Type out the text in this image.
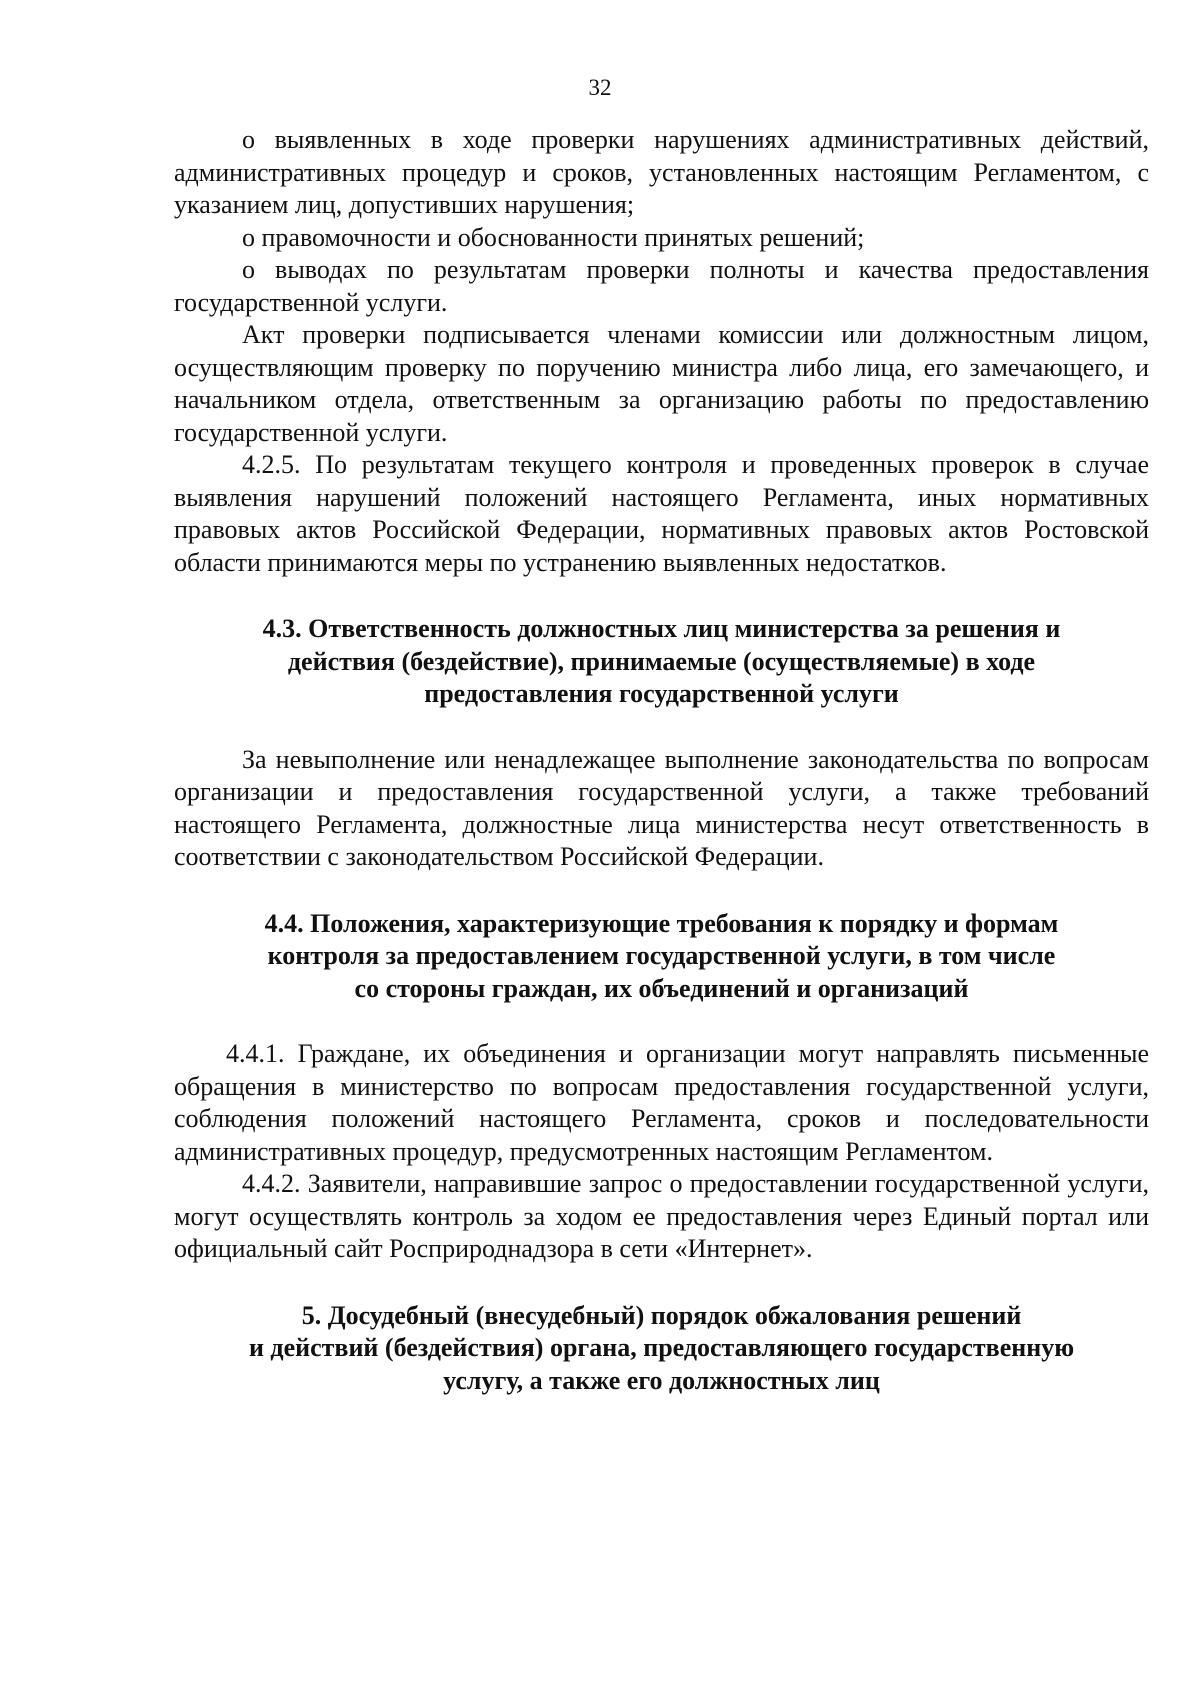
32

о выявленных в ходе проверки нарушениях административных действий, административных процедур и сроков, установленных настоящим Регламентом, с указанием лиц, допустивших нарушения;

о правомочности и обоснованности принятых решений;

о выводах по результатам проверки полноты и качества предоставления государственной услуги.

Акт проверки подписывается членами комиссии или должностным лицом, осуществляющим проверку по поручению министра либо лица, его замечающего, и начальником отдела, ответственным за организацию работы по предоставлению государственной услуги.

4.2.5. По результатам текущего контроля и проведенных проверок в случае выявления нарушений положений настоящего Регламента, иных нормативных правовых актов Российской Федерации, нормативных правовых актов Ростовской области принимаются меры по устранению выявленных недостатков.

4.3. Ответственность должностных лиц министерства за решения и

действия (бездействие), принимаемые (осуществляемые) в ходе

предоставления государственной услуги

За невыполнение или ненадлежащее выполнение законодательства по вопросам организации и предоставления государственной услуги, а также требований настоящего Регламента, должностные лица министерства несут ответственность в соответствии с законодательством Российской Федерации.

4.4. Положения, характеризующие требования к порядку и формам

контроля за предоставлением государственной услуги, в том числе

со стороны граждан, их объединений и организаций

4.4.1. Граждане, их объединения и организации могут направлять письменные обращения в министерство по вопросам предоставления государственной услуги, соблюдения положений настоящего Регламента, сроков и последовательности административных процедур, предусмотренных настоящим Регламентом.

4.4.2. Заявители, направившие запрос о предоставлении государственной услуги, могут осуществлять контроль за ходом ее предоставления через Единый портал или официальный сайт Росприроднадзора в сети «Интернет».

5. Досудебный (внесудебный) порядок обжалования решений

и действий (бездействия) органа, предоставляющего государственную

услугу, а также его должностных лиц
